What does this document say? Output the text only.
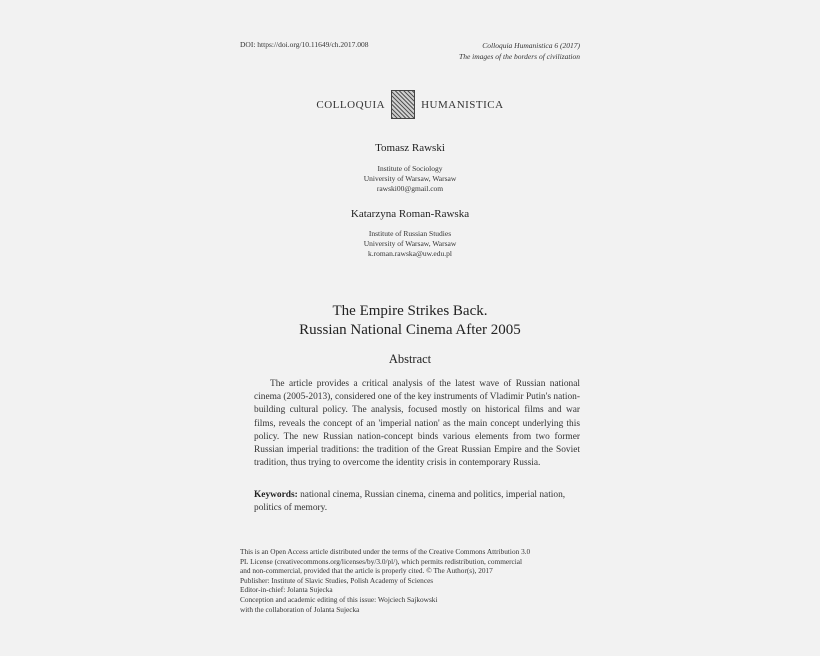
DOI: https://doi.org/10.11649/ch.2017.008	Colloquia Humanistica 6 (2017)
The images of the borders of civilization
COLLOQUIA	HUMANISTICA
Tomasz Rawski
Institute of Sociology
University of Warsaw, Warsaw
rawski00@gmail.com
Katarzyna Roman-Rawska
Institute of Russian Studies
University of Warsaw, Warsaw
k.roman.rawska@uw.edu.pl
The Empire Strikes Back.
Russian National Cinema After 2005
Abstract

The article provides a critical analysis of the latest wave of Russian national cinema (2005-2013), considered one of the key instruments of Vladimir Putin's nation-building cultural policy. The analysis, focused mostly on historical films and war films, reveals the concept of an 'imperial nation' as the main concept underlying this policy. The new Russian nation-concept binds various elements from two former Russian imperial traditions: the tradition of the Great Russian Empire and the Soviet tradition, thus trying to overcome the identity crisis in contemporary Russia.

Keywords: national cinema, Russian cinema, cinema and politics, imperial nation, politics of memory.

This is an Open Access article distributed under the terms of the Creative Commons Attribution 3.0
PL License (creativecommons.org/licenses/by/3.0/pl/), which permits redistribution, commercial
and non-commercial, provided that the article is properly cited. © The Author(s), 2017
Publisher: Institute of Slavic Studies, Polish Academy of Sciences
Editor-in-chief: Jolanta Sujecka
Conception and academic editing of this issue: Wojciech Sajkowski
with the collaboration of Jolanta Sujecka
